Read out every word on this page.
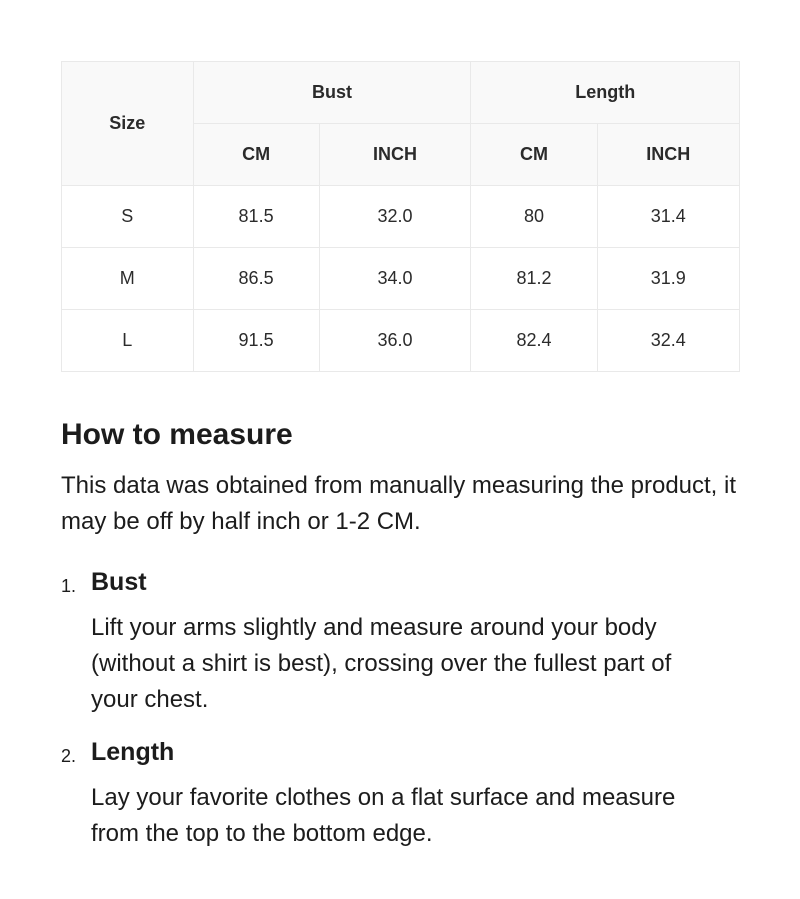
Size	Bust		Length	
	CM	INCH	CM	INCH
S	81.5	32.0	80	31.4
M	86.5	34.0	81.2	31.9
L	91.5	36.0	82.4	32.4
How to measure

This data was obtained from manually measuring the product, it may be off by half inch or 1-2 CM.

1. Bust

Lift your arms slightly and measure around your body (without a shirt is best), crossing over the fullest part of your chest.

2. Length

Lay your favorite clothes on a flat surface and measure from the top to the bottom edge.
